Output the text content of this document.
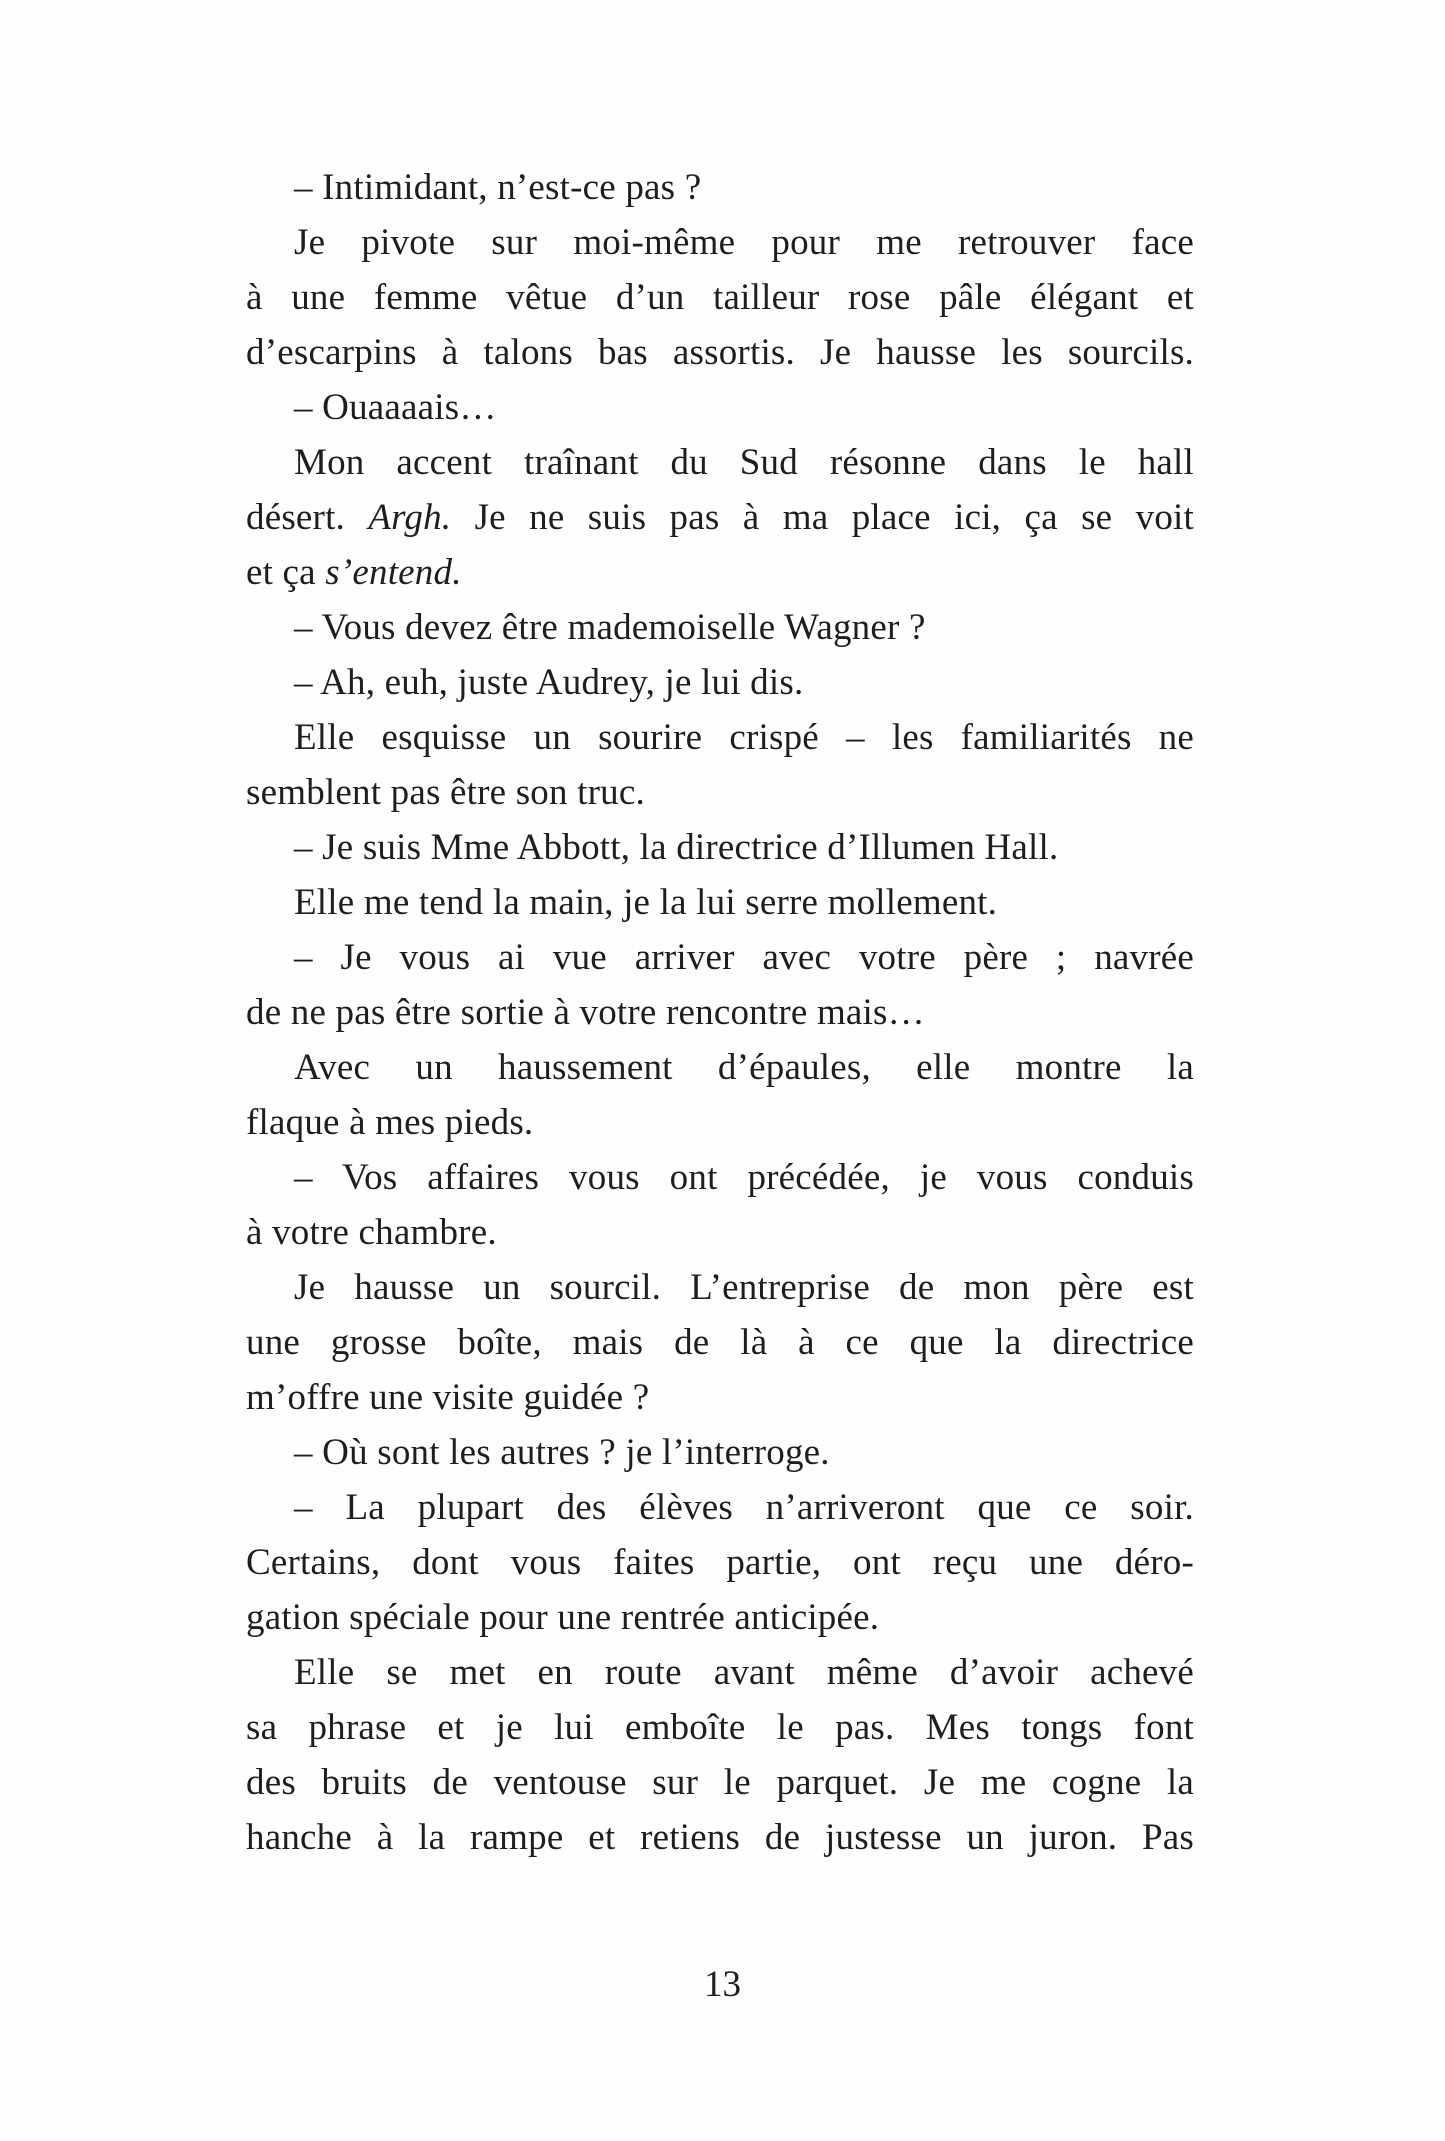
– Intimidant, n’est-ce pas ?
Je pivote sur moi-même pour me retrouver face
à une femme vêtue d’un tailleur rose pâle élégant et
d’escarpins à talons bas assortis. Je hausse les sourcils.
– Ouaaaais…
Mon accent traînant du Sud résonne dans le hall
désert. Argh. Je ne suis pas à ma place ici, ça se voit
et ça s’entend.
– Vous devez être mademoiselle Wagner ?
– Ah, euh, juste Audrey, je lui dis.
Elle esquisse un sourire crispé – les familiarités ne
semblent pas être son truc.
– Je suis Mme Abbott, la directrice d’Illumen Hall.
Elle me tend la main, je la lui serre mollement.
– Je vous ai vue arriver avec votre père ; navrée
de ne pas être sortie à votre rencontre mais…
Avec un haussement d’épaules, elle montre la
flaque à mes pieds.
– Vos affaires vous ont précédée, je vous conduis
à votre chambre.
Je hausse un sourcil. L’entreprise de mon père est
une grosse boîte, mais de là à ce que la directrice
m’offre une visite guidée ?
– Où sont les autres ? je l’interroge.
– La plupart des élèves n’arriveront que ce soir.
Certains, dont vous faites partie, ont reçu une déro-
gation spéciale pour une rentrée anticipée.
Elle se met en route avant même d’avoir achevé
sa phrase et je lui emboîte le pas. Mes tongs font
des bruits de ventouse sur le parquet. Je me cogne la
hanche à la rampe et retiens de justesse un juron. Pas
13
